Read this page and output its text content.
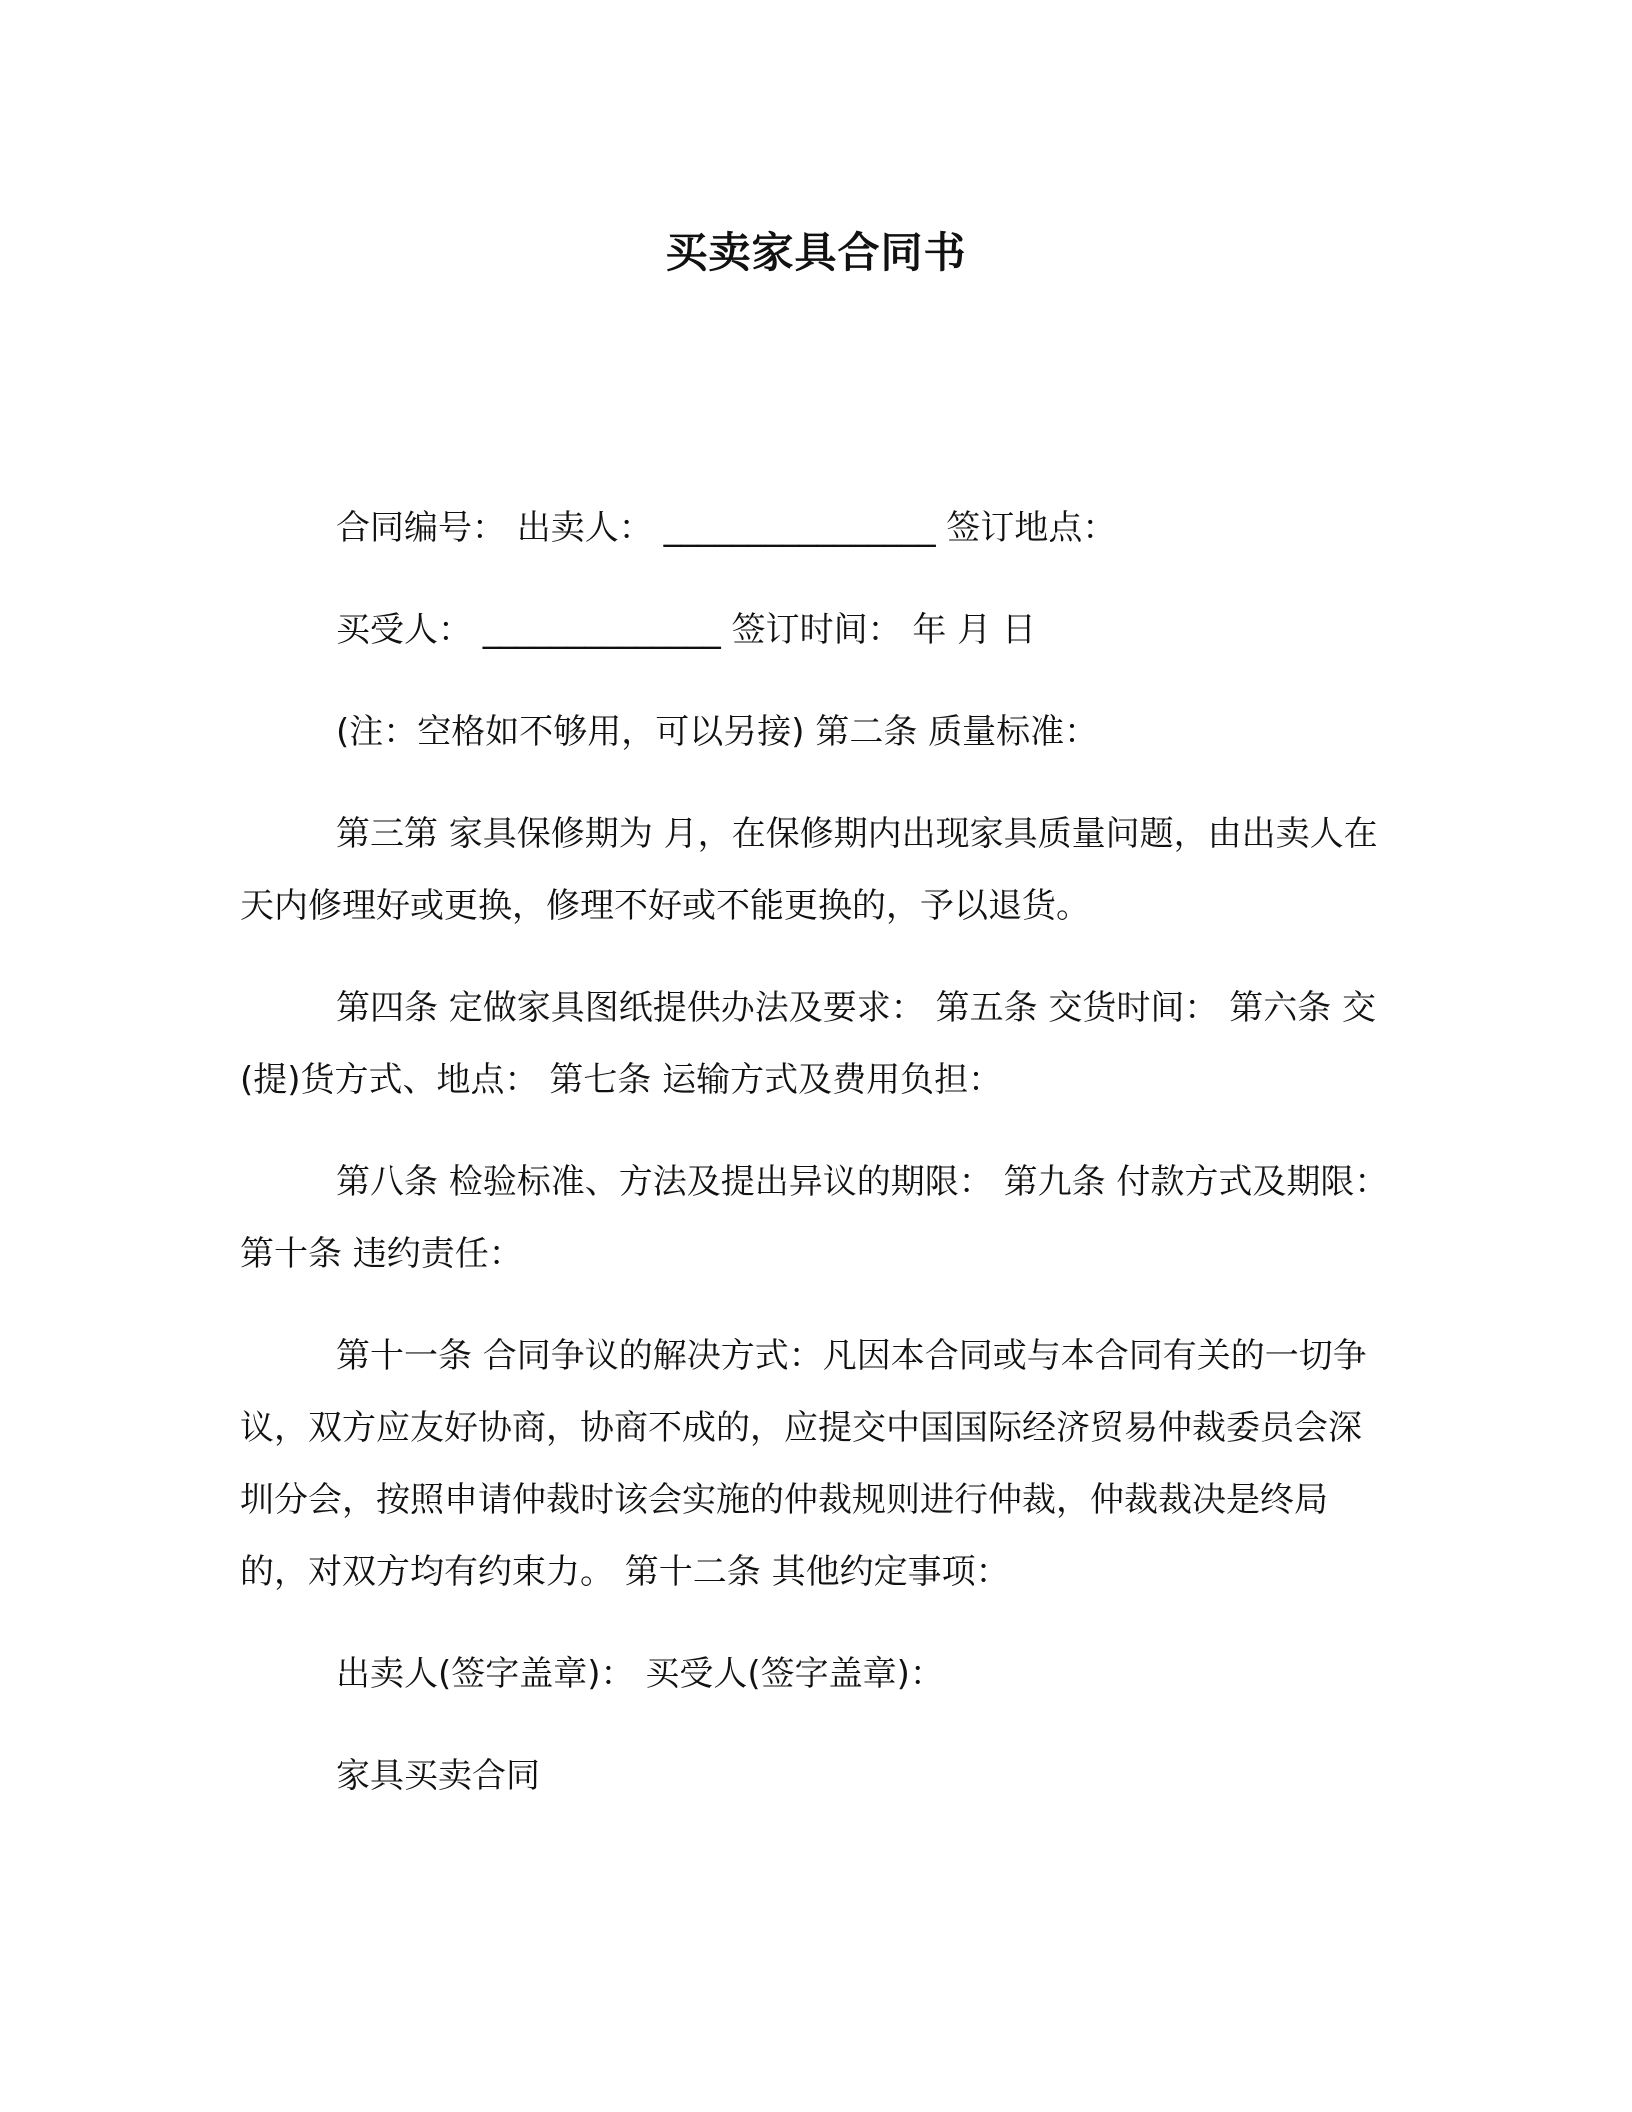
买卖家具合同书

合同编号： 出卖人： ________________ 签订地点：

买受人： ______________ 签订时间： 年 月 日

(注：空格如不够用，可以另接) 第二条 质量标准：

第三第 家具保修期为 月，在保修期内出现家具质量问题，由出卖人在 天内修理好或更换，修理不好或不能更换的，予以退货。

第四条 定做家具图纸提供办法及要求： 第五条 交货时间： 第六条 交(提)货方式、地点： 第七条 运输方式及费用负担：

第八条 检验标准、方法及提出异议的期限： 第九条 付款方式及期限： 第十条 违约责任：

第十一条 合同争议的解决方式：凡因本合同或与本合同有关的一切争议，双方应友好协商，协商不成的，应提交中国国际经济贸易仲裁委员会深圳分会，按照申请仲裁时该会实施的仲裁规则进行仲裁，仲裁裁决是终局的，对双方均有约束力。 第十二条 其他约定事项：

出卖人(签字盖章)： 买受人(签字盖章)：

家具买卖合同
